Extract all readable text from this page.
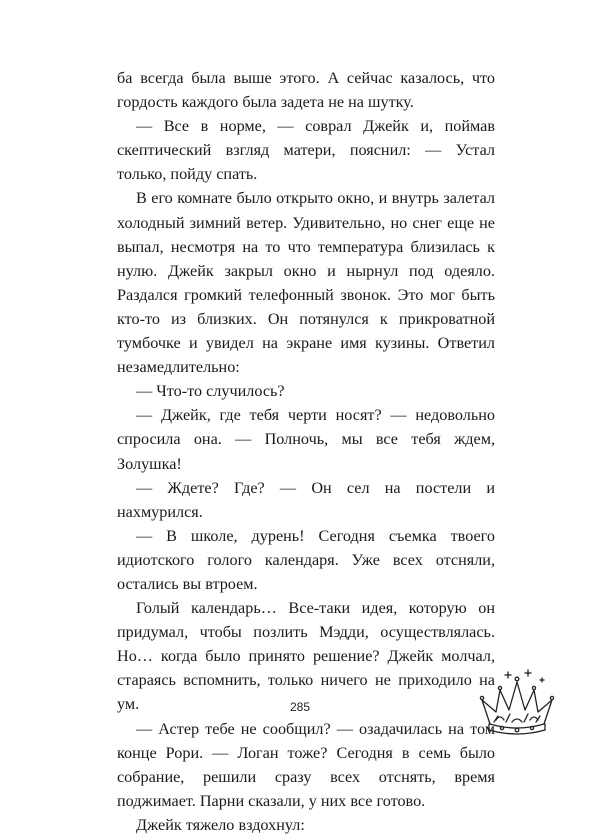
ба всегда была выше этого. А сейчас казалось, что гордость каждого была задета не на шутку.

— Все в норме, — соврал Джейк и, поймав скептический взгляд матери, пояснил: — Устал только, пойду спать.

В его комнате было открыто окно, и внутрь залетал холодный зимний ветер. Удивительно, но снег еще не выпал, несмотря на то что температура близилась к нулю. Джейк закрыл окно и нырнул под одеяло. Раздался громкий телефонный звонок. Это мог быть кто-то из близких. Он потянулся к прикроватной тумбочке и увидел на экране имя кузины. Ответил незамедлительно:

— Что-то случилось?

— Джейк, где тебя черти носят? — недовольно спросила она. — Полночь, мы все тебя ждем, Золушка!

— Ждете? Где? — Он сел на постели и нахмурился.

— В школе, дурень! Сегодня съемка твоего идиотского голого календаря. Уже всех отсняли, остались вы втроем.

Голый календарь… Все-таки идея, которую он придумал, чтобы позлить Мэдди, осуществлялась. Но… когда было принято решение? Джейк молчал, стараясь вспомнить, только ничего не приходило на ум.

— Астер тебе не сообщил? — озадачилась на том конце Рори. — Логан тоже? Сегодня в семь было собрание, решили сразу всех отснять, время поджимает. Парни сказали, у них все готово.

Джейк тяжело вздохнул:

285
